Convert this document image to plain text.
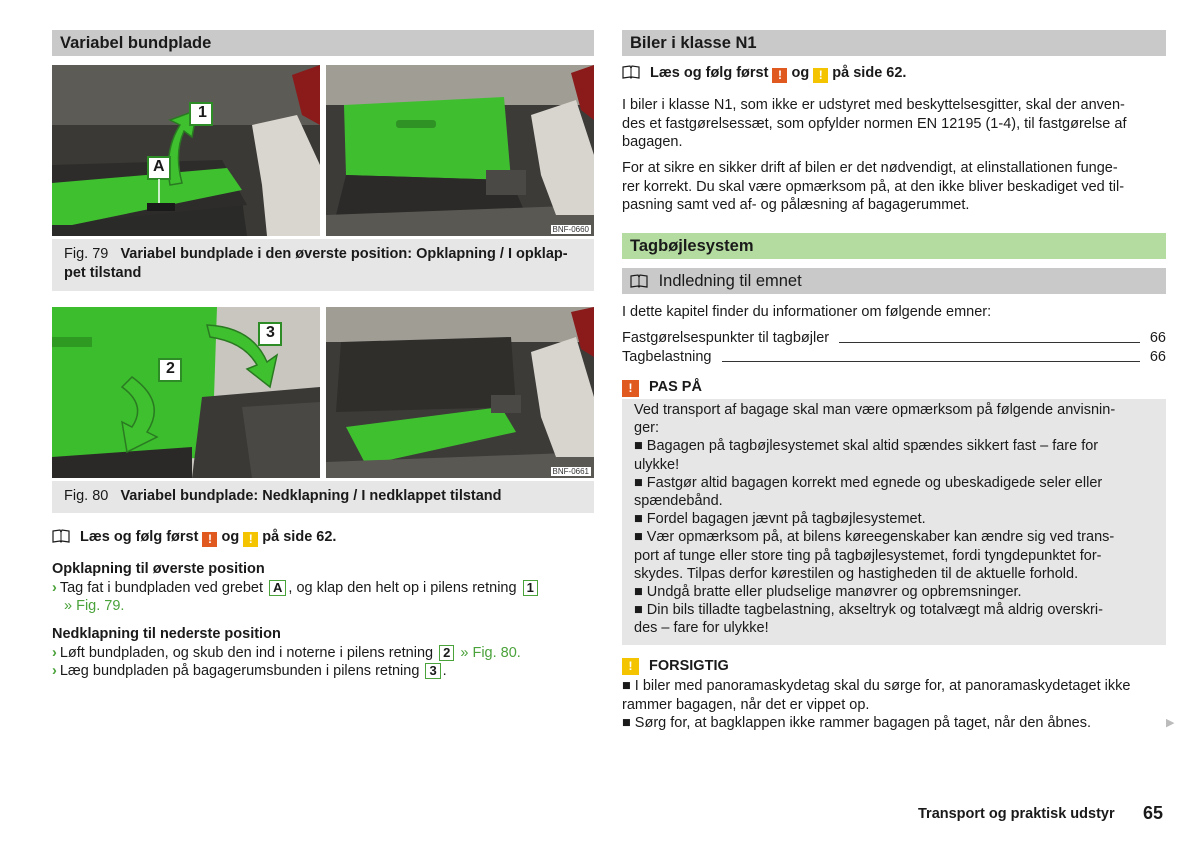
Variabel bundplade
1
A
BNF-0660
Fig. 79 Variabel bundplade i den øverste position: Opklapning / I opklap-
pet tilstand
3
2
BNF-0661
Fig. 80 Variabel bundplade: Nedklapning / I nedklappet tilstand
Læs og følg først ! og ! på side 62.
Opklapning til øverste position
› Tag fat i bundpladen ved grebet A , og klap den helt op i pilens retning 1
» Fig. 79.
Nedklapning til nederste position
› Løft bundpladen, og skub den ind i noterne i pilens retning 2 » Fig. 80.
› Læg bundpladen på bagagerumsbunden i pilens retning 3 .
Biler i klasse N1
Læs og følg først ! og ! på side 62.
I biler i klasse N1, som ikke er udstyret med beskyttelsesgitter, skal der anven-
des et fastgørelsessæt, som opfylder normen EN 12195 (1-4), til fastgørelse af
bagagen.
For at sikre en sikker drift af bilen er det nødvendigt, at elinstallationen funge-
rer korrekt. Du skal være opmærksom på, at den ikke bliver beskadiget ved til-
pasning samt ved af- og pålæsning af bagagerummet.
Tagbøjlesystem
Indledning til emnet
I dette kapitel finder du informationer om følgende emner:
Fastgørelsespunkter til tagbøjler	66
Tagbelastning	66
!	PAS PÅ
Ved transport af bagage skal man være opmærksom på følgende anvisnin-
ger:
■ Bagagen på tagbøjlesystemet skal altid spændes sikkert fast – fare for
ulykke!
■ Fastgør altid bagagen korrekt med egnede og ubeskadigede seler eller
spændebånd.
■ Fordel bagagen jævnt på tagbøjlesystemet.
■ Vær opmærksom på, at bilens køreegenskaber kan ændre sig ved trans-
port af tunge eller store ting på tagbøjlesystemet, fordi tyngdepunktet for-
skydes. Tilpas derfor kørestilen og hastigheden til de aktuelle forhold.
■ Undgå bratte eller pludselige manøvrer og opbremsninger.
■ Din bils tilladte tagbelastning, akseltryk og totalvægt må aldrig overskri-
des – fare for ulykke!
!	FORSIGTIG
■ I biler med panoramaskydetag skal du sørge for, at panoramaskydetaget ikke
rammer bagagen, når det er vippet op.
■ Sørg for, at bagklappen ikke rammer bagagen på taget, når den åbnes.	▶
Transport og praktisk udstyr 65
